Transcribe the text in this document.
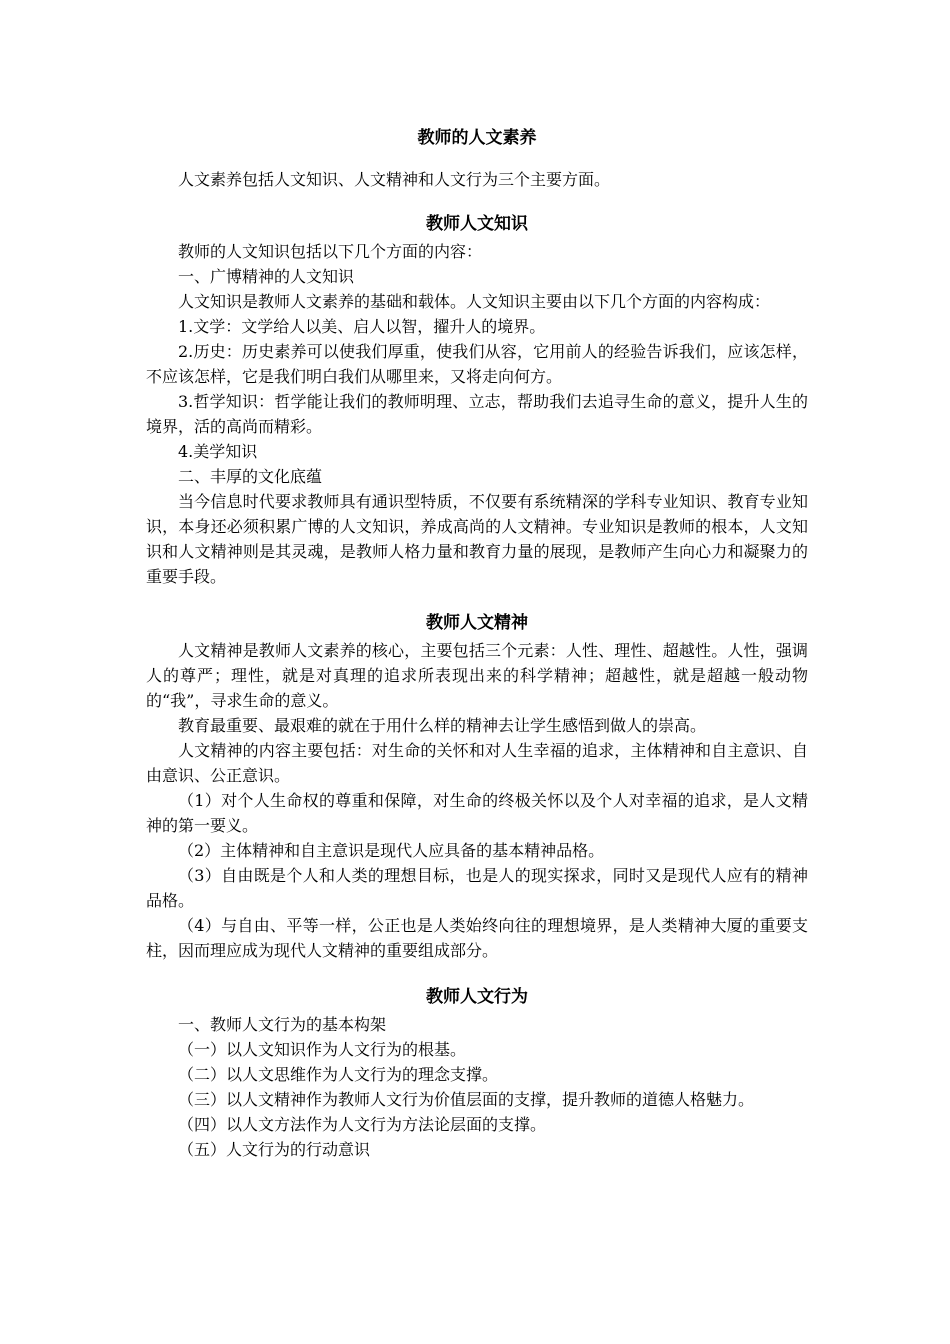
教师的人文素养

人文素养包括人文知识、人文精神和人文行为三个主要方面。

教师人文知识

教师的人文知识包括以下几个方面的内容：

一、广博精神的人文知识

人文知识是教师人文素养的基础和载体。人文知识主要由以下几个方面的内容构成：

1.文学：文学给人以美、启人以智，擢升人的境界。

2.历史：历史素养可以使我们厚重，使我们从容，它用前人的经验告诉我们，应该怎样，不应该怎样，它是我们明白我们从哪里来，又将走向何方。

3.哲学知识：哲学能让我们的教师明理、立志，帮助我们去追寻生命的意义，提升人生的境界，活的高尚而精彩。

4.美学知识

二、丰厚的文化底蕴

当今信息时代要求教师具有通识型特质，不仅要有系统精深的学科专业知识、教育专业知识，本身还必须积累广博的人文知识，养成高尚的人文精神。专业知识是教师的根本，人文知识和人文精神则是其灵魂，是教师人格力量和教育力量的展现，是教师产生向心力和凝聚力的重要手段。

教师人文精神

人文精神是教师人文素养的核心，主要包括三个元素：人性、理性、超越性。人性，强调人的尊严；理性，就是对真理的追求所表现出来的科学精神；超越性，就是超越一般动物的“我”，寻求生命的意义。

教育最重要、最艰难的就在于用什么样的精神去让学生感悟到做人的崇高。

人文精神的内容主要包括：对生命的关怀和对人生幸福的追求，主体精神和自主意识、自由意识、公正意识。

（1）对个人生命权的尊重和保障，对生命的终极关怀以及个人对幸福的追求，是人文精神的第一要义。

（2）主体精神和自主意识是现代人应具备的基本精神品格。

（3）自由既是个人和人类的理想目标，也是人的现实探求，同时又是现代人应有的精神品格。

（4）与自由、平等一样，公正也是人类始终向往的理想境界，是人类精神大厦的重要支柱，因而理应成为现代人文精神的重要组成部分。

教师人文行为

一、教师人文行为的基本构架

（一）以人文知识作为人文行为的根基。

（二）以人文思维作为人文行为的理念支撑。

（三）以人文精神作为教师人文行为价值层面的支撑，提升教师的道德人格魅力。

（四）以人文方法作为人文行为方法论层面的支撑。

（五）人文行为的行动意识
